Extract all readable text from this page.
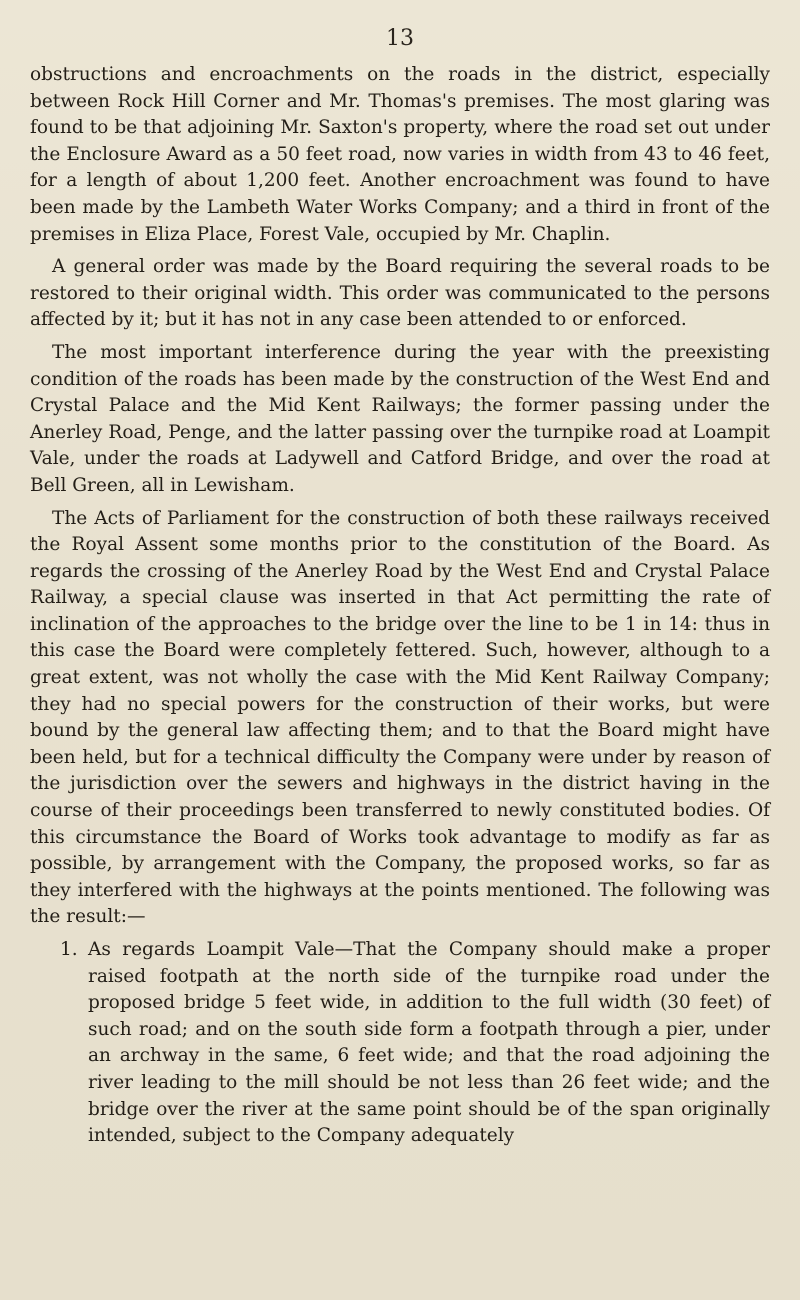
13

obstructions and encroachments on the roads in the district, especially between Rock Hill Corner and Mr. Thomas's premises. The most glaring was found to be that adjoining Mr. Saxton's property, where the road set out under the Enclosure Award as a 50 feet road, now varies in width from 43 to 46 feet, for a length of about 1,200 feet. Another encroachment was found to have been made by the Lambeth Water Works Company; and a third in front of the premises in Eliza Place, Forest Vale, occupied by Mr. Chaplin.

A general order was made by the Board requiring the several roads to be restored to their original width. This order was communicated to the persons affected by it; but it has not in any case been attended to or enforced.

The most important interference during the year with the preexisting condition of the roads has been made by the construction of the West End and Crystal Palace and the Mid Kent Railways; the former passing under the Anerley Road, Penge, and the latter passing over the turnpike road at Loampit Vale, under the roads at Ladywell and Catford Bridge, and over the road at Bell Green, all in Lewisham.

The Acts of Parliament for the construction of both these railways received the Royal Assent some months prior to the constitution of the Board. As regards the crossing of the Anerley Road by the West End and Crystal Palace Railway, a special clause was inserted in that Act permitting the rate of inclination of the approaches to the bridge over the line to be 1 in 14: thus in this case the Board were completely fettered. Such, however, although to a great extent, was not wholly the case with the Mid Kent Railway Company; they had no special powers for the construction of their works, but were bound by the general law affecting them; and to that the Board might have been held, but for a technical difficulty the Company were under by reason of the jurisdiction over the sewers and highways in the district having in the course of their proceedings been transferred to newly constituted bodies. Of this circumstance the Board of Works took advantage to modify as far as possible, by arrangement with the Company, the proposed works, so far as they interfered with the highways at the points mentioned. The following was the result:—

1. As regards Loampit Vale—That the Company should make a proper raised footpath at the north side of the turnpike road under the proposed bridge 5 feet wide, in addition to the full width (30 feet) of such road; and on the south side form a footpath through a pier, under an archway in the same, 6 feet wide; and that the road adjoining the river leading to the mill should be not less than 26 feet wide; and the bridge over the river at the same point should be of the span originally intended, subject to the Company adequately
